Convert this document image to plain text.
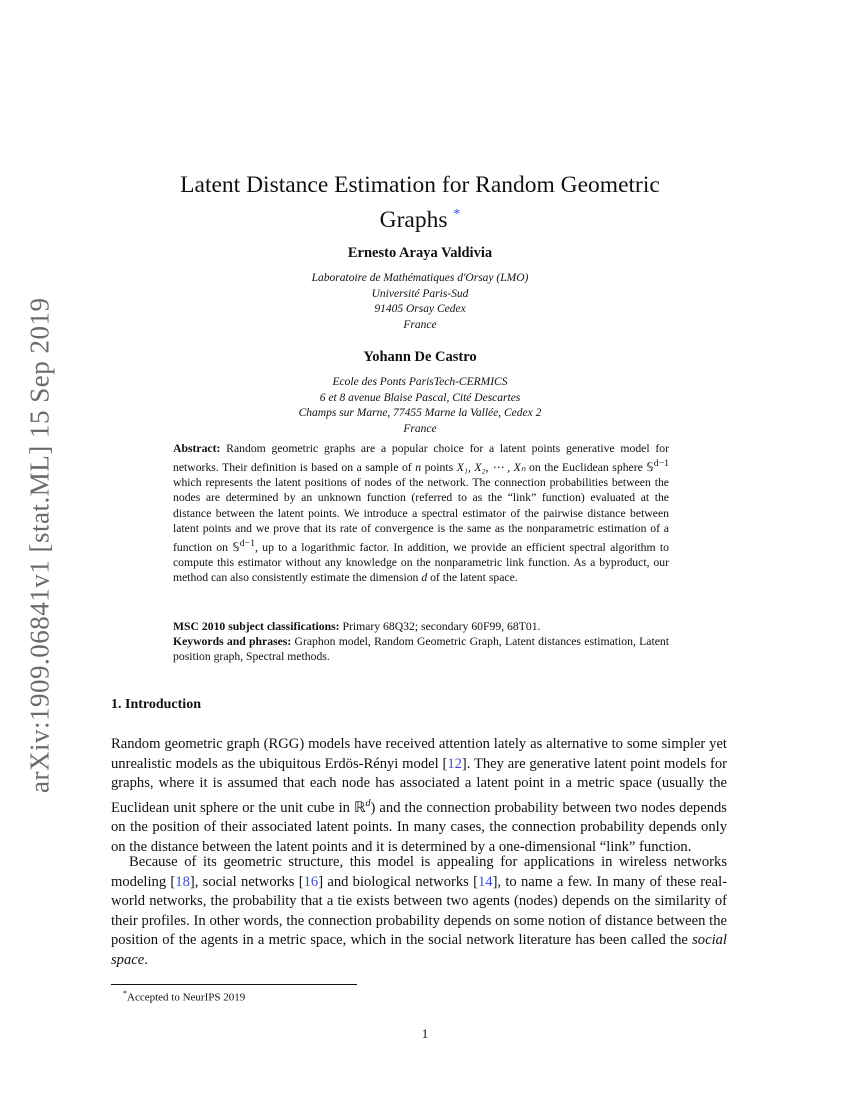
arXiv:1909.06841v1 [stat.ML] 15 Sep 2019
Latent Distance Estimation for Random Geometric
Graphs *
Ernesto Araya Valdivia
Laboratoire de Mathématiques d'Orsay (LMO)
Université Paris-Sud
91405 Orsay Cedex
France
Yohann De Castro
Ecole des Ponts ParisTech-CERMICS
6 et 8 avenue Blaise Pascal, Cité Descartes
Champs sur Marne, 77455 Marne la Vallée, Cedex 2
France
Abstract: Random geometric graphs are a popular choice for a latent points generative model for networks. Their definition is based on a sample of n points X₁, X₂, ⋯ , Xₙ on the Euclidean sphere 𝕊$^{d-1}$ which represents the latent positions of nodes of the network. The connection probabilities between the nodes are determined by an unknown function (referred to as the “link” function) evaluated at the distance between the latent points. We introduce a spectral estimator of the pairwise distance between latent points and we prove that its rate of convergence is the same as the nonparametric estimation of a function on 𝕊$^{d-1}$, up to a logarithmic factor. In addition, we provide an efficient spectral algorithm to compute this estimator without any knowledge on the nonparametric link function. As a byproduct, our method can also consistently estimate the dimension d of the latent space.
MSC 2010 subject classifications: Primary 68Q32; secondary 60F99, 68T01.
Keywords and phrases: Graphon model, Random Geometric Graph, Latent distances estimation, Latent position graph, Spectral methods.
1. Introduction

Random geometric graph (RGG) models have received attention lately as alternative to some simpler yet unrealistic models as the ubiquitous Erdös-Rényi model [12]. They are generative latent point models for graphs, where it is assumed that each node has associated a latent point in a metric space (usually the Euclidean unit sphere or the unit cube in ℝ$^d$) and the connection probability between two nodes depends on the position of their associated latent points. In many cases, the connection probability depends only on the distance between the latent points and it is determined by a one-dimensional “link” function.

Because of its geometric structure, this model is appealing for applications in wireless networks modeling [18], social networks [16] and biological networks [14], to name a few. In many of these real-world networks, the probability that a tie exists between two agents (nodes) depends on the similarity of their profiles. In other words, the connection probability depends on some notion of distance between the position of the agents in a metric space, which in the social network literature has been called the social space.

*Accepted to NeurIPS 2019
1
